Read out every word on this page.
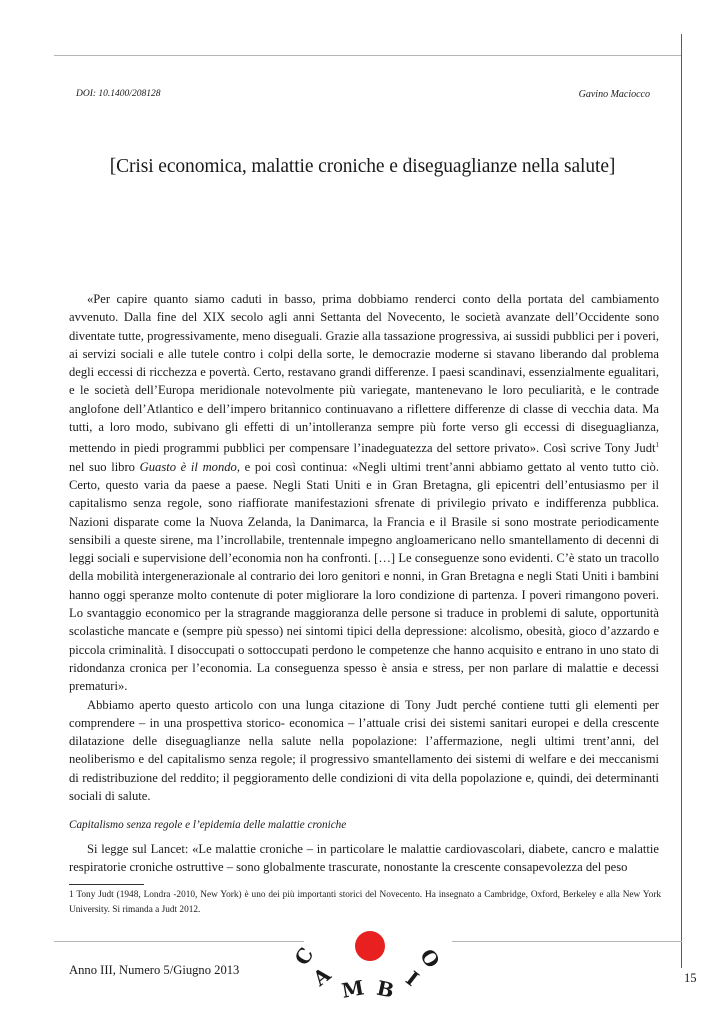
DOI: 10.1400/208128	Gavino Maciocco
[Crisi economica, malattie croniche e diseguaglianze nella salute]

«Per capire quanto siamo caduti in basso, prima dobbiamo renderci conto della portata del cambiamento avvenuto. Dalla fine del XIX secolo agli anni Settanta del Novecento, le società avanzate dell’Occidente sono diventate tutte, progressivamente, meno diseguali. Grazie alla tassazione progressiva, ai sussidi pubblici per i poveri, ai servizi sociali e alle tutele contro i colpi della sorte, le democrazie moderne si stavano liberando dal problema degli eccessi di ricchezza e povertà. Certo, restavano grandi differenze. I paesi scandinavi, essenzialmente egualitari, e le società dell’Europa meridionale notevolmente più variegate, mantenevano le loro peculiarità, e le contrade anglofone dell’Atlantico e dell’impero britannico continuavano a riflettere differenze di classe di vecchia data. Ma tutti, a loro modo, subivano gli effetti di un’intolleranza sempre più forte verso gli eccessi di diseguaglianza, mettendo in piedi programmi pubblici per compensare l’inadeguatezza del settore privato». Così scrive Tony Judt$^1$ nel suo libro Guasto è il mondo, e poi così continua: «Negli ultimi trent’anni abbiamo gettato al vento tutto ciò. Certo, questo varia da paese a paese. Negli Stati Uniti e in Gran Bretagna, gli epicentri dell’entusiasmo per il capitalismo senza regole, sono riaffiorate manifestazioni sfrenate di privilegio privato e indifferenza pubblica. Nazioni disparate come la Nuova Zelanda, la Danimarca, la Francia e il Brasile si sono mostrate periodicamente sensibili a queste sirene, ma l’incrollabile, trentennale impegno angloamericano nello smantellamento di decenni di leggi sociali e supervisione dell’economia non ha confronti. […] Le conseguenze sono evidenti. C’è stato un tracollo della mobilità intergenerazionale al contrario dei loro genitori e nonni, in Gran Bretagna e negli Stati Uniti i bambini hanno oggi speranze molto contenute di poter migliorare la loro condizione di partenza. I poveri rimangono poveri. Lo svantaggio economico per la stragrande maggioranza delle persone si traduce in problemi di salute, opportunità scolastiche mancate e (sempre più spesso) nei sintomi tipici della depressione: alcolismo, obesità, gioco d’azzardo e piccola criminalità. I disoccupati o sottoccupati perdono le competenze che hanno acquisito e entrano in uno stato di ridondanza cronica per l’economia. La conseguenza spesso è ansia e stress, per non parlare di malattie e decessi prematuri».

Abbiamo aperto questo articolo con una lunga citazione di Tony Judt perché contiene tutti gli elementi per comprendere – in una prospettiva storico- economica – l’attuale crisi dei sistemi sanitari europei e della crescente dilatazione delle diseguaglianze nella salute nella popolazione: l’affermazione, negli ultimi trent’anni, del neoliberismo e del capitalismo senza regole; il progressivo smantellamento dei sistemi di welfare e dei meccanismi di redistribuzione del reddito; il peggioramento delle condizioni di vita della popolazione e, quindi, dei determinanti sociali di salute.

Capitalismo senza regole e l’epidemia delle malattie croniche

Si legge sul Lancet: «Le malattie croniche – in particolare le malattie cardiovascolari, diabete, cancro e malattie respiratorie croniche ostruttive – sono globalmente trascurate, nonostante la crescente consapevolezza del peso

1 Tony Judt (1948, Londra -2010, New York) è uno dei più importanti storici del Novecento. Ha insegnato a Cambridge, Oxford, Berkeley e alla New York University. Si rimanda a Judt 2012.
Anno III, Numero 5/Giugno 2013
15
C
A M B I
O
